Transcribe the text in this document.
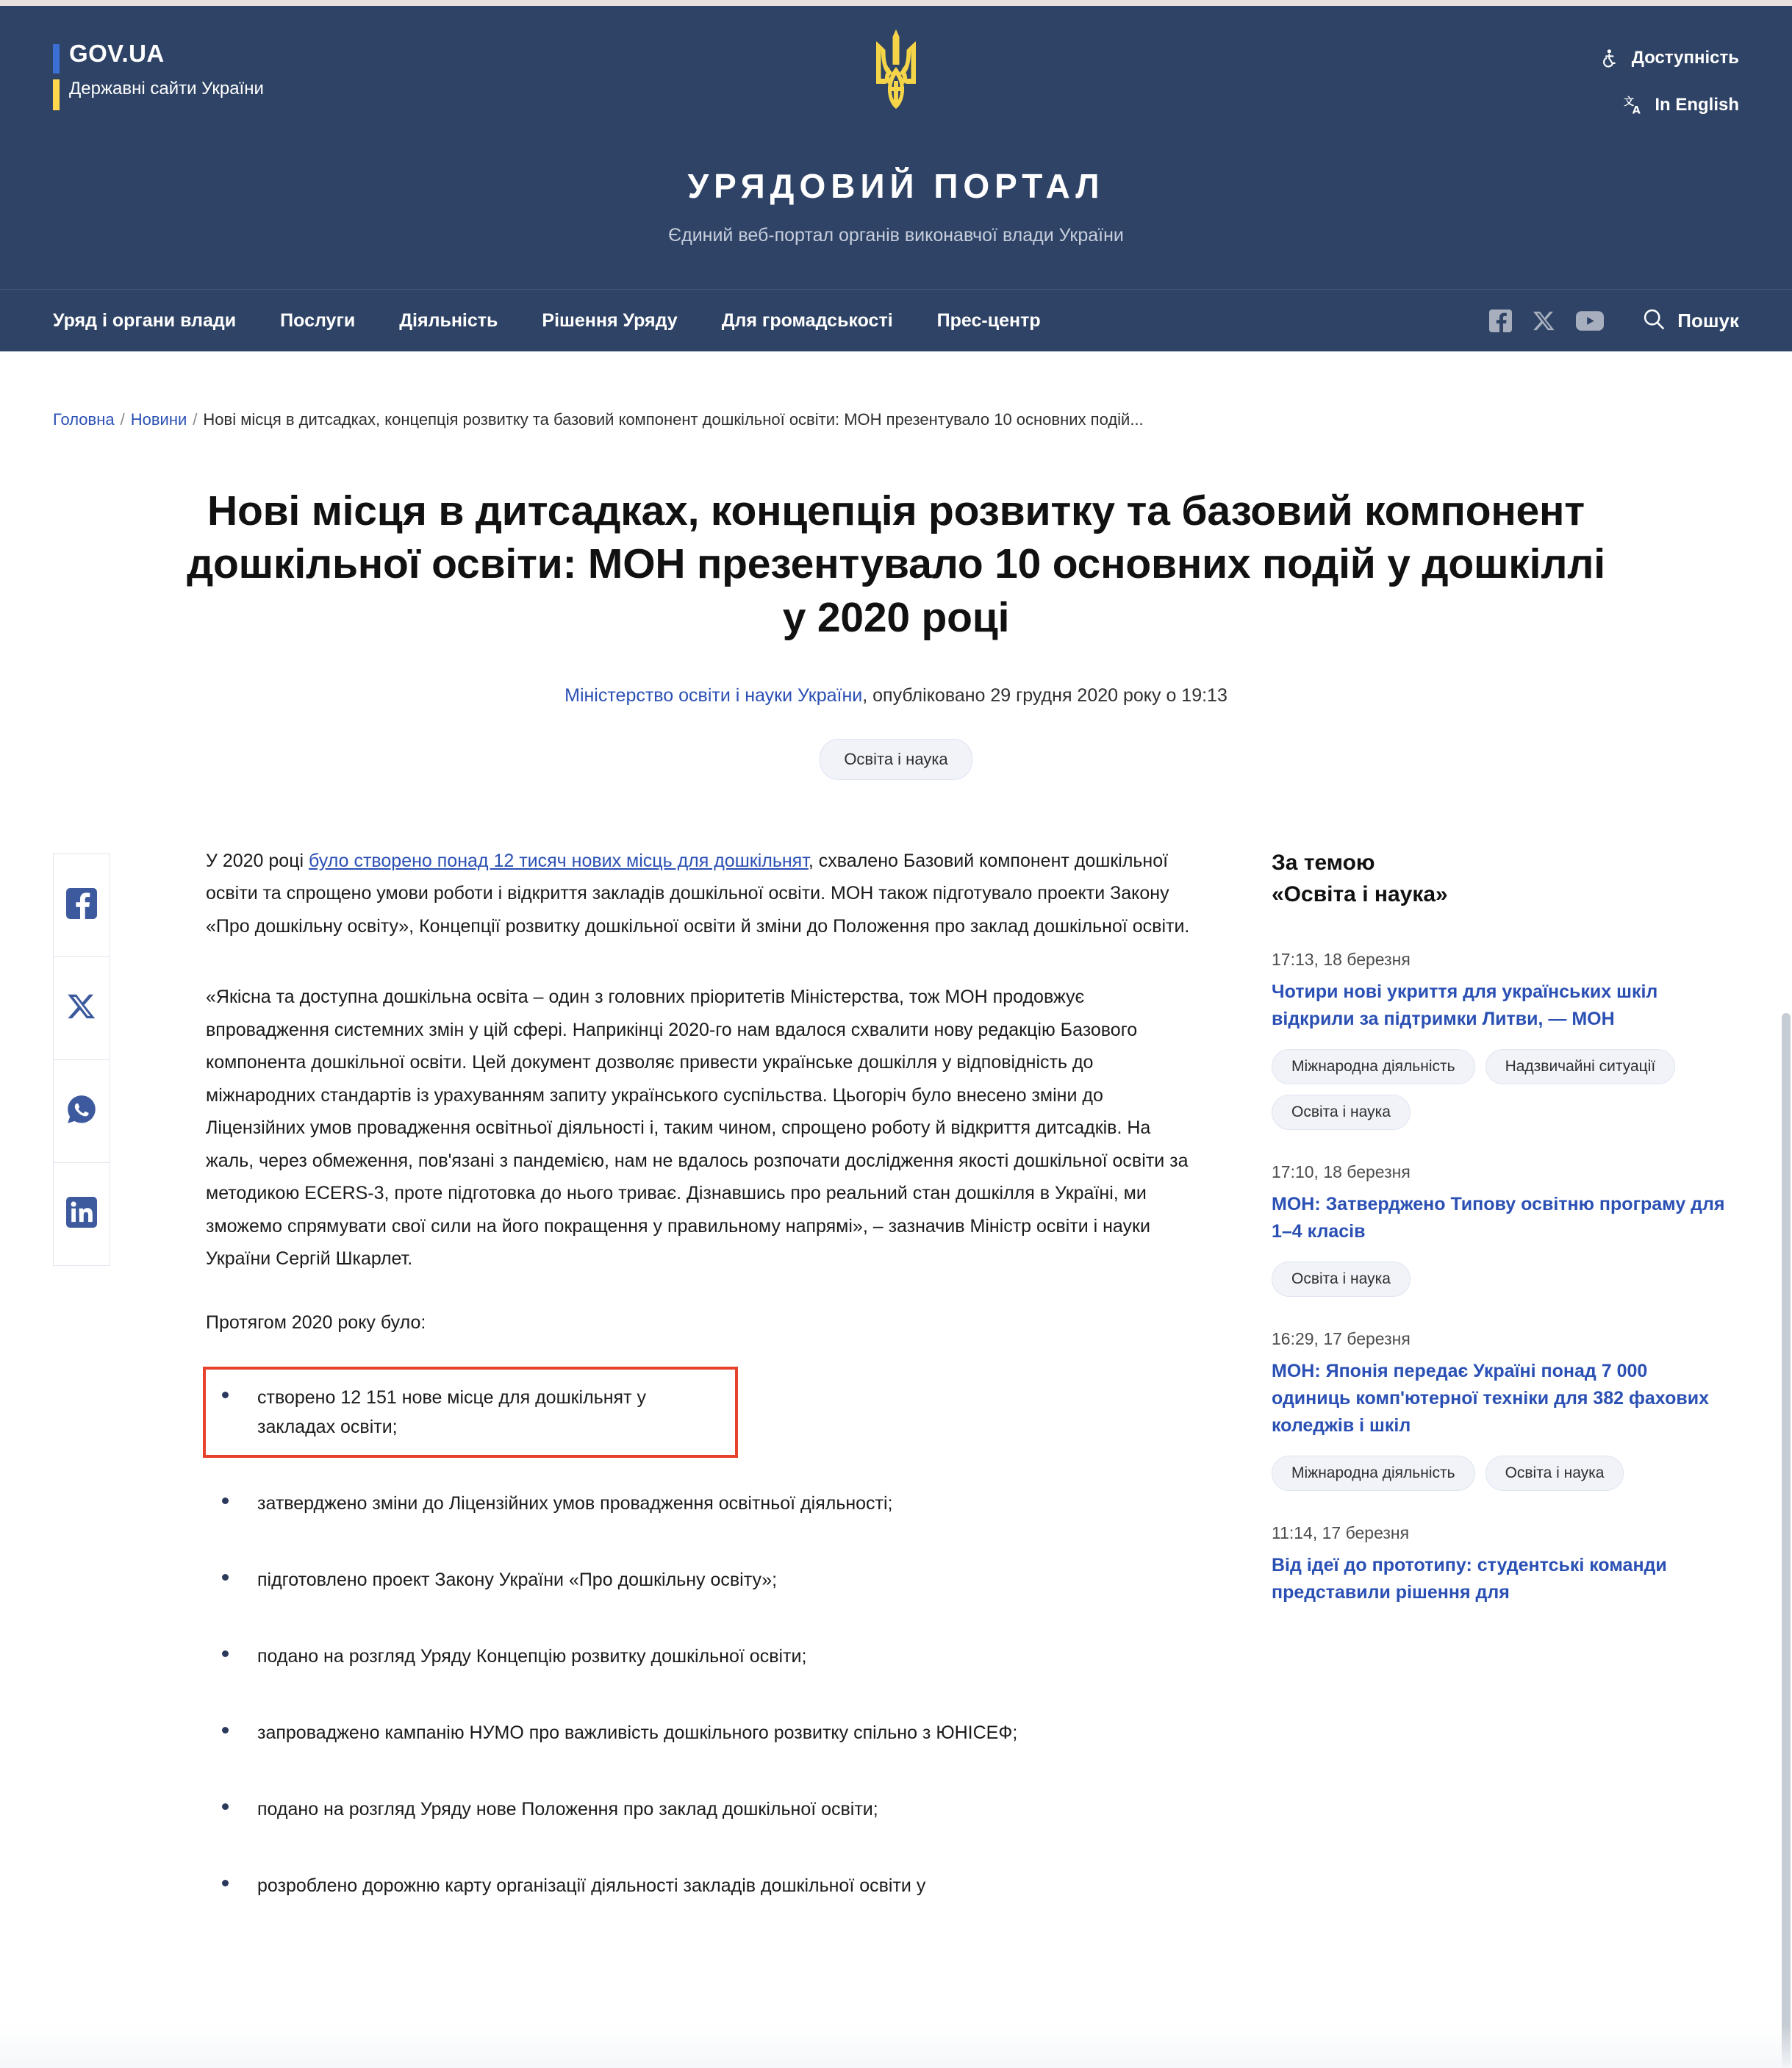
GOV.UA
Державні сайти України
Доступність
文
A In English
УРЯДОВИЙ ПОРТАЛ
Єдиний веб-портал органів виконавчої влади України
Уряд і органи влади	Послуги	Діяльність	Рішення Уряду	Для громадськості	Прес-центр	Пошук
Головна / Новини / Нові місця в дитсадках, концепція розвитку та базовий компонент дошкільної освіти: МОН презентувало 10 основних подій...
Нові місця в дитсадках, концепція розвитку та базовий компонент дошкільної освіти: МОН презентувало 10 основних подій у дошкіллі у 2020 році
Міністерство освіти і науки України, опубліковано 29 грудня 2020 року о 19:13
Освіта і наука

У 2020 році було створено понад 12 тисяч нових місць для дошкільнят, схвалено Базовий компонент дошкільної освіти та спрощено умови роботи і відкриття закладів дошкільної освіти. МОН також підготувало проекти Закону «Про дошкільну освіту», Концепції розвитку дошкільної освіти й зміни до Положення про заклад дошкільної освіти.

«Якісна та доступна дошкільна освіта – один з головних пріоритетів Міністерства, тож МОН продовжує впровадження системних змін у цій сфері. Наприкінці 2020-го нам вдалося схвалити нову редакцію Базового компонента дошкільної освіти. Цей документ дозволяє привести українське дошкілля у відповідність до міжнародних стандартів із урахуванням запиту українського суспільства. Цьогоріч було внесено зміни до Ліцензійних умов провадження освітньої діяльності і, таким чином, спрощено роботу й відкриття дитсадків. На жаль, через обмеження, пов'язані з пандемією, нам не вдалось розпочати дослідження якості дошкільної освіти за методикою ECERS-3, проте підготовка до нього триває. Дізнавшись про реальний стан дошкілля в Україні, ми зможемо спрямувати свої сили на його покращення у правильному напрямі», – зазначив Міністр освіти і науки України Сергій Шкарлет.

Протягом 2020 року було:

створено 12 151 нове місце для дошкільнят у закладах освіти;
затверджено зміни до Ліцензійних умов провадження освітньої діяльності;
підготовлено проект Закону України «Про дошкільну освіту»;
подано на розгляд Уряду Концепцію розвитку дошкільної освіти;
запроваджено кампанію НУМО про важливість дошкільного розвитку спільно з ЮНІСЕФ;
подано на розгляд Уряду нове Положення про заклад дошкільної освіти;
розроблено дорожню карту організації діяльності закладів дошкільної освіти у
За темою
«Освіта і наука»
17:13, 18 березня
Чотири нові укриття для українських шкіл відкрили за підтримки Литви, — МОН
Міжнародна діяльність	Надзвичайні ситуації
Освіта і наука
17:10, 18 березня
МОН: Затверджено Типову освітню програму для 1–4 класів
Освіта і наука
16:29, 17 березня
МОН: Японія передає Україні понад 7 000 одиниць комп'ютерної техніки для 382 фахових коледжів і шкіл
Міжнародна діяльність	Освіта і наука
11:14, 17 березня
Від ідеї до прототипу: студентські команди представили рішення для
